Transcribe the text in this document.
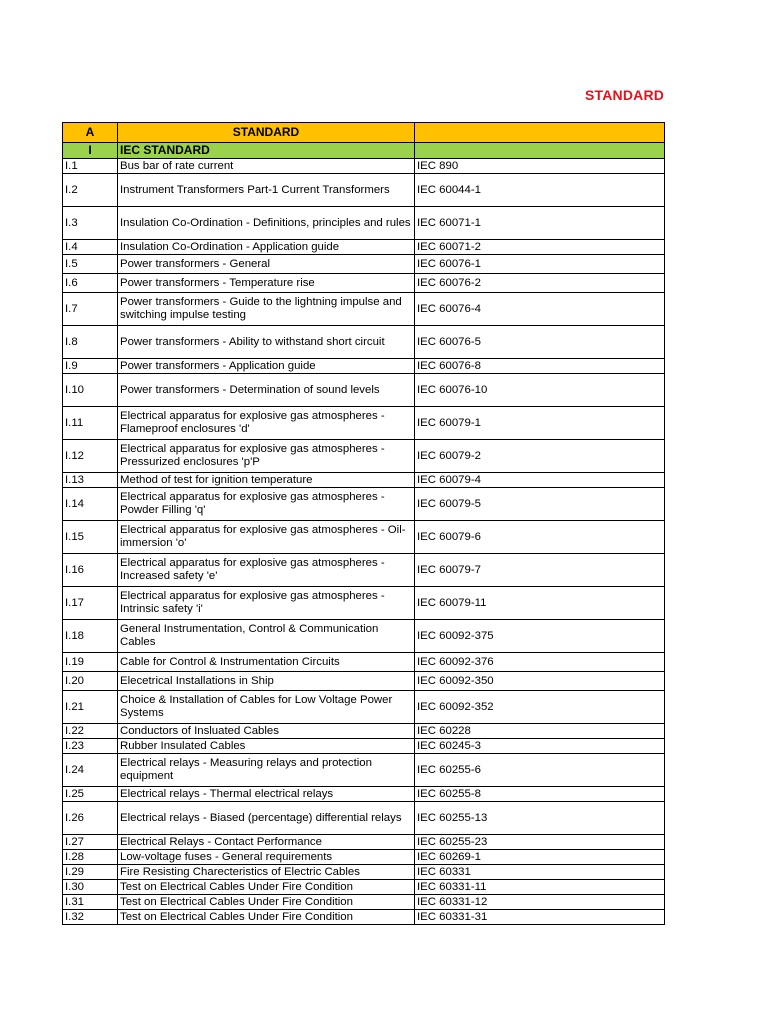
STANDARD
A	STANDARD	
I	IEC STANDARD	
I.1	Bus bar of rate current	IEC 890
I.2	Instrument Transformers Part-1 Current Transformers	IEC 60044-1
I.3	Insulation Co-Ordination - Definitions, principles and rules	IEC 60071-1
I.4	Insulation Co-Ordination - Application guide	IEC 60071-2
I.5	Power transformers - General	IEC 60076-1
I.6	Power transformers - Temperature rise	IEC 60076-2
I.7	Power transformers - Guide to the lightning impulse and switching impulse testing	IEC 60076-4
I.8	Power transformers - Ability to withstand short circuit	IEC 60076-5
I.9	Power transformers - Application guide	IEC 60076-8
I.10	Power transformers - Determination of sound levels	IEC 60076-10
I.11	Electrical apparatus for explosive gas atmospheres - Flameproof enclosures 'd'	IEC 60079-1
I.12	Electrical apparatus for explosive gas atmospheres - Pressurized enclosures 'p'P	IEC 60079-2
I.13	Method of test for ignition temperature	IEC 60079-4
I.14	Electrical apparatus for explosive gas atmospheres - Powder Filling 'q'	IEC 60079-5
I.15	Electrical apparatus for explosive gas atmospheres - Oil-immersion 'o'	IEC 60079-6
I.16	Electrical apparatus for explosive gas atmospheres - Increased safety 'e'	IEC 60079-7
I.17	Electrical apparatus for explosive gas atmospheres - Intrinsic safety 'i'	IEC 60079-11
I.18	General Instrumentation, Control & Communication Cables	IEC 60092-375
I.19	Cable for Control & Instrumentation Circuits	IEC 60092-376
I.20	Elecetrical Installations in Ship	IEC 60092-350
I.21	Choice & Installation of Cables for Low Voltage Power Systems	IEC 60092-352
I.22	Conductors of Insluated Cables	IEC 60228
I.23	Rubber Insulated Cables	IEC 60245-3
I.24	Electrical relays - Measuring relays and protection equipment	IEC 60255-6
I.25	Electrical relays - Thermal electrical relays	IEC 60255-8
I.26	Electrical relays - Biased (percentage) differential relays	IEC 60255-13
I.27	Electrical Relays - Contact Performance	IEC 60255-23
I.28	Low-voltage fuses - General requirements	IEC 60269-1
I.29	Fire Resisting Charecteristics of Electric Cables	IEC 60331
I.30	Test on Electrical Cables Under Fire Condition	IEC 60331-11
I.31	Test on Electrical Cables Under Fire Condition	IEC 60331-12
I.32	Test on Electrical Cables Under Fire Condition	IEC 60331-31
